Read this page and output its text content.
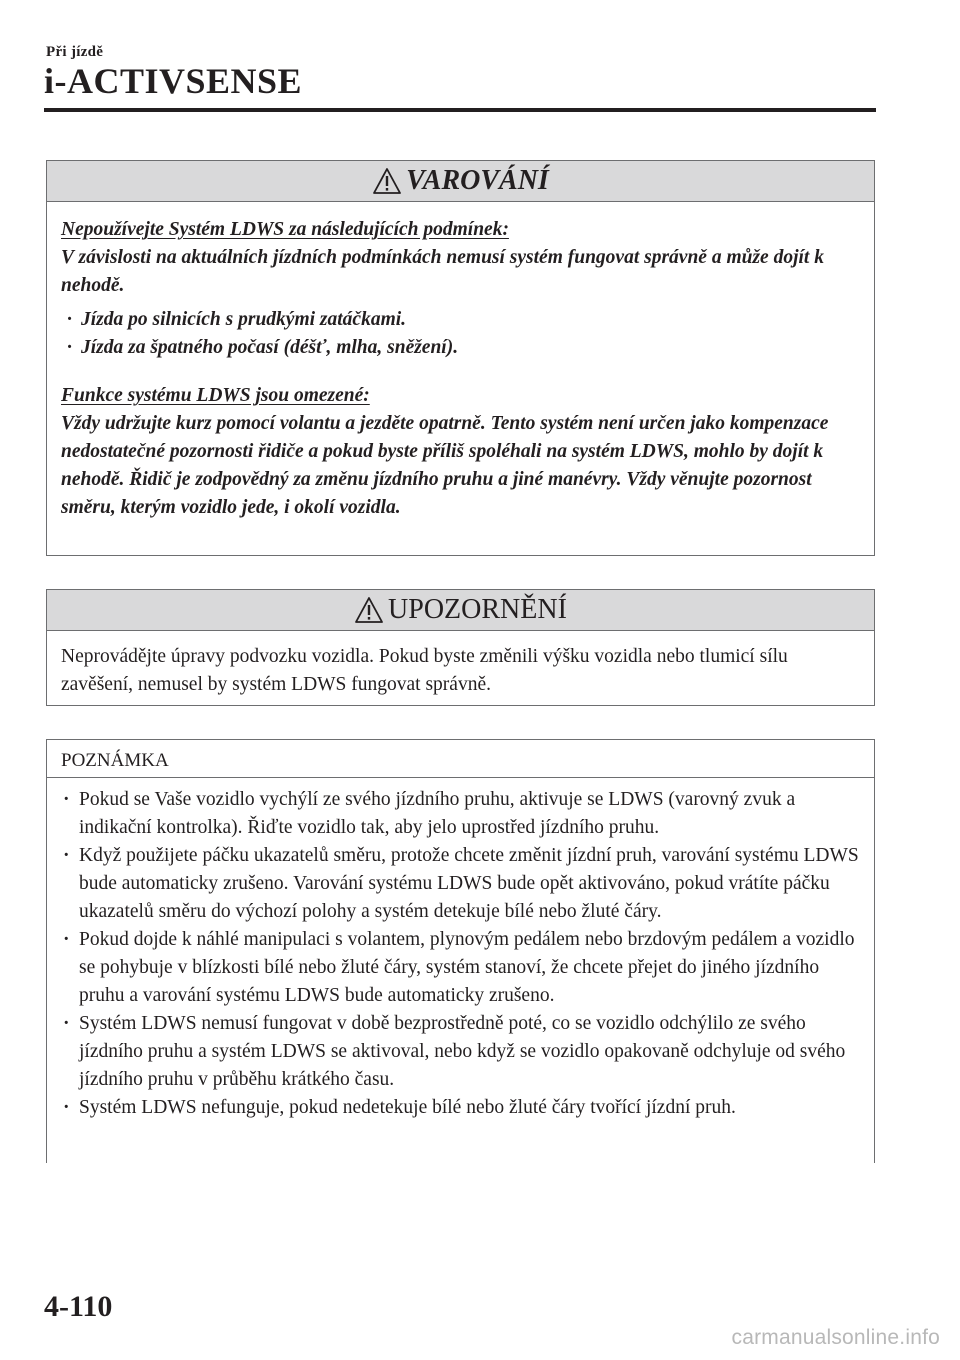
Při jízdě
i-ACTIVSENSE
VAROVÁNÍ

Nepoužívejte Systém LDWS za následujících podmínek:

V závislosti na aktuálních jízdních podmínkách nemusí systém fungovat správně a může dojít k nehodě.

· Jízda po silnicích s prudkými zatáčkami.
· Jízda za špatného počasí (déšť, mlha, sněžení).

Funkce systému LDWS jsou omezené:

Vždy udržujte kurz pomocí volantu a jezděte opatrně. Tento systém není určen jako kompenzace nedostatečné pozornosti řidiče a pokud byste příliš spoléhali na systém LDWS, mohlo by dojít k nehodě. Řidič je zodpovědný za změnu jízdního pruhu a jiné manévry. Vždy věnujte pozornost směru, kterým vozidlo jede, i okolí vozidla.

UPOZORNĚNÍ

Neprovádějte úpravy podvozku vozidla. Pokud byste změnili výšku vozidla nebo tlumicí sílu zavěšení, nemusel by systém LDWS fungovat správně.

POZNÁMKA
· Pokud se Vaše vozidlo vychýlí ze svého jízdního pruhu, aktivuje se LDWS (varovný zvuk a indikační kontrolka). Řiďte vozidlo tak, aby jelo uprostřed jízdního pruhu.
· Když použijete páčku ukazatelů směru, protože chcete změnit jízdní pruh, varování systému LDWS bude automaticky zrušeno. Varování systému LDWS bude opět aktivováno, pokud vrátíte páčku ukazatelů směru do výchozí polohy a systém detekuje bílé nebo žluté čáry.
· Pokud dojde k náhlé manipulaci s volantem, plynovým pedálem nebo brzdovým pedálem a vozidlo se pohybuje v blízkosti bílé nebo žluté čáry, systém stanoví, že chcete přejet do jiného jízdního pruhu a varování systému LDWS bude automaticky zrušeno.
· Systém LDWS nemusí fungovat v době bezprostředně poté, co se vozidlo odchýlilo ze svého jízdního pruhu a systém LDWS se aktivoval, nebo když se vozidlo opakovaně odchyluje od svého jízdního pruhu v průběhu krátkého času.
· Systém LDWS nefunguje, pokud nedetekuje bílé nebo žluté čáry tvořící jízdní pruh.
4-110
carmanualsonline.info
